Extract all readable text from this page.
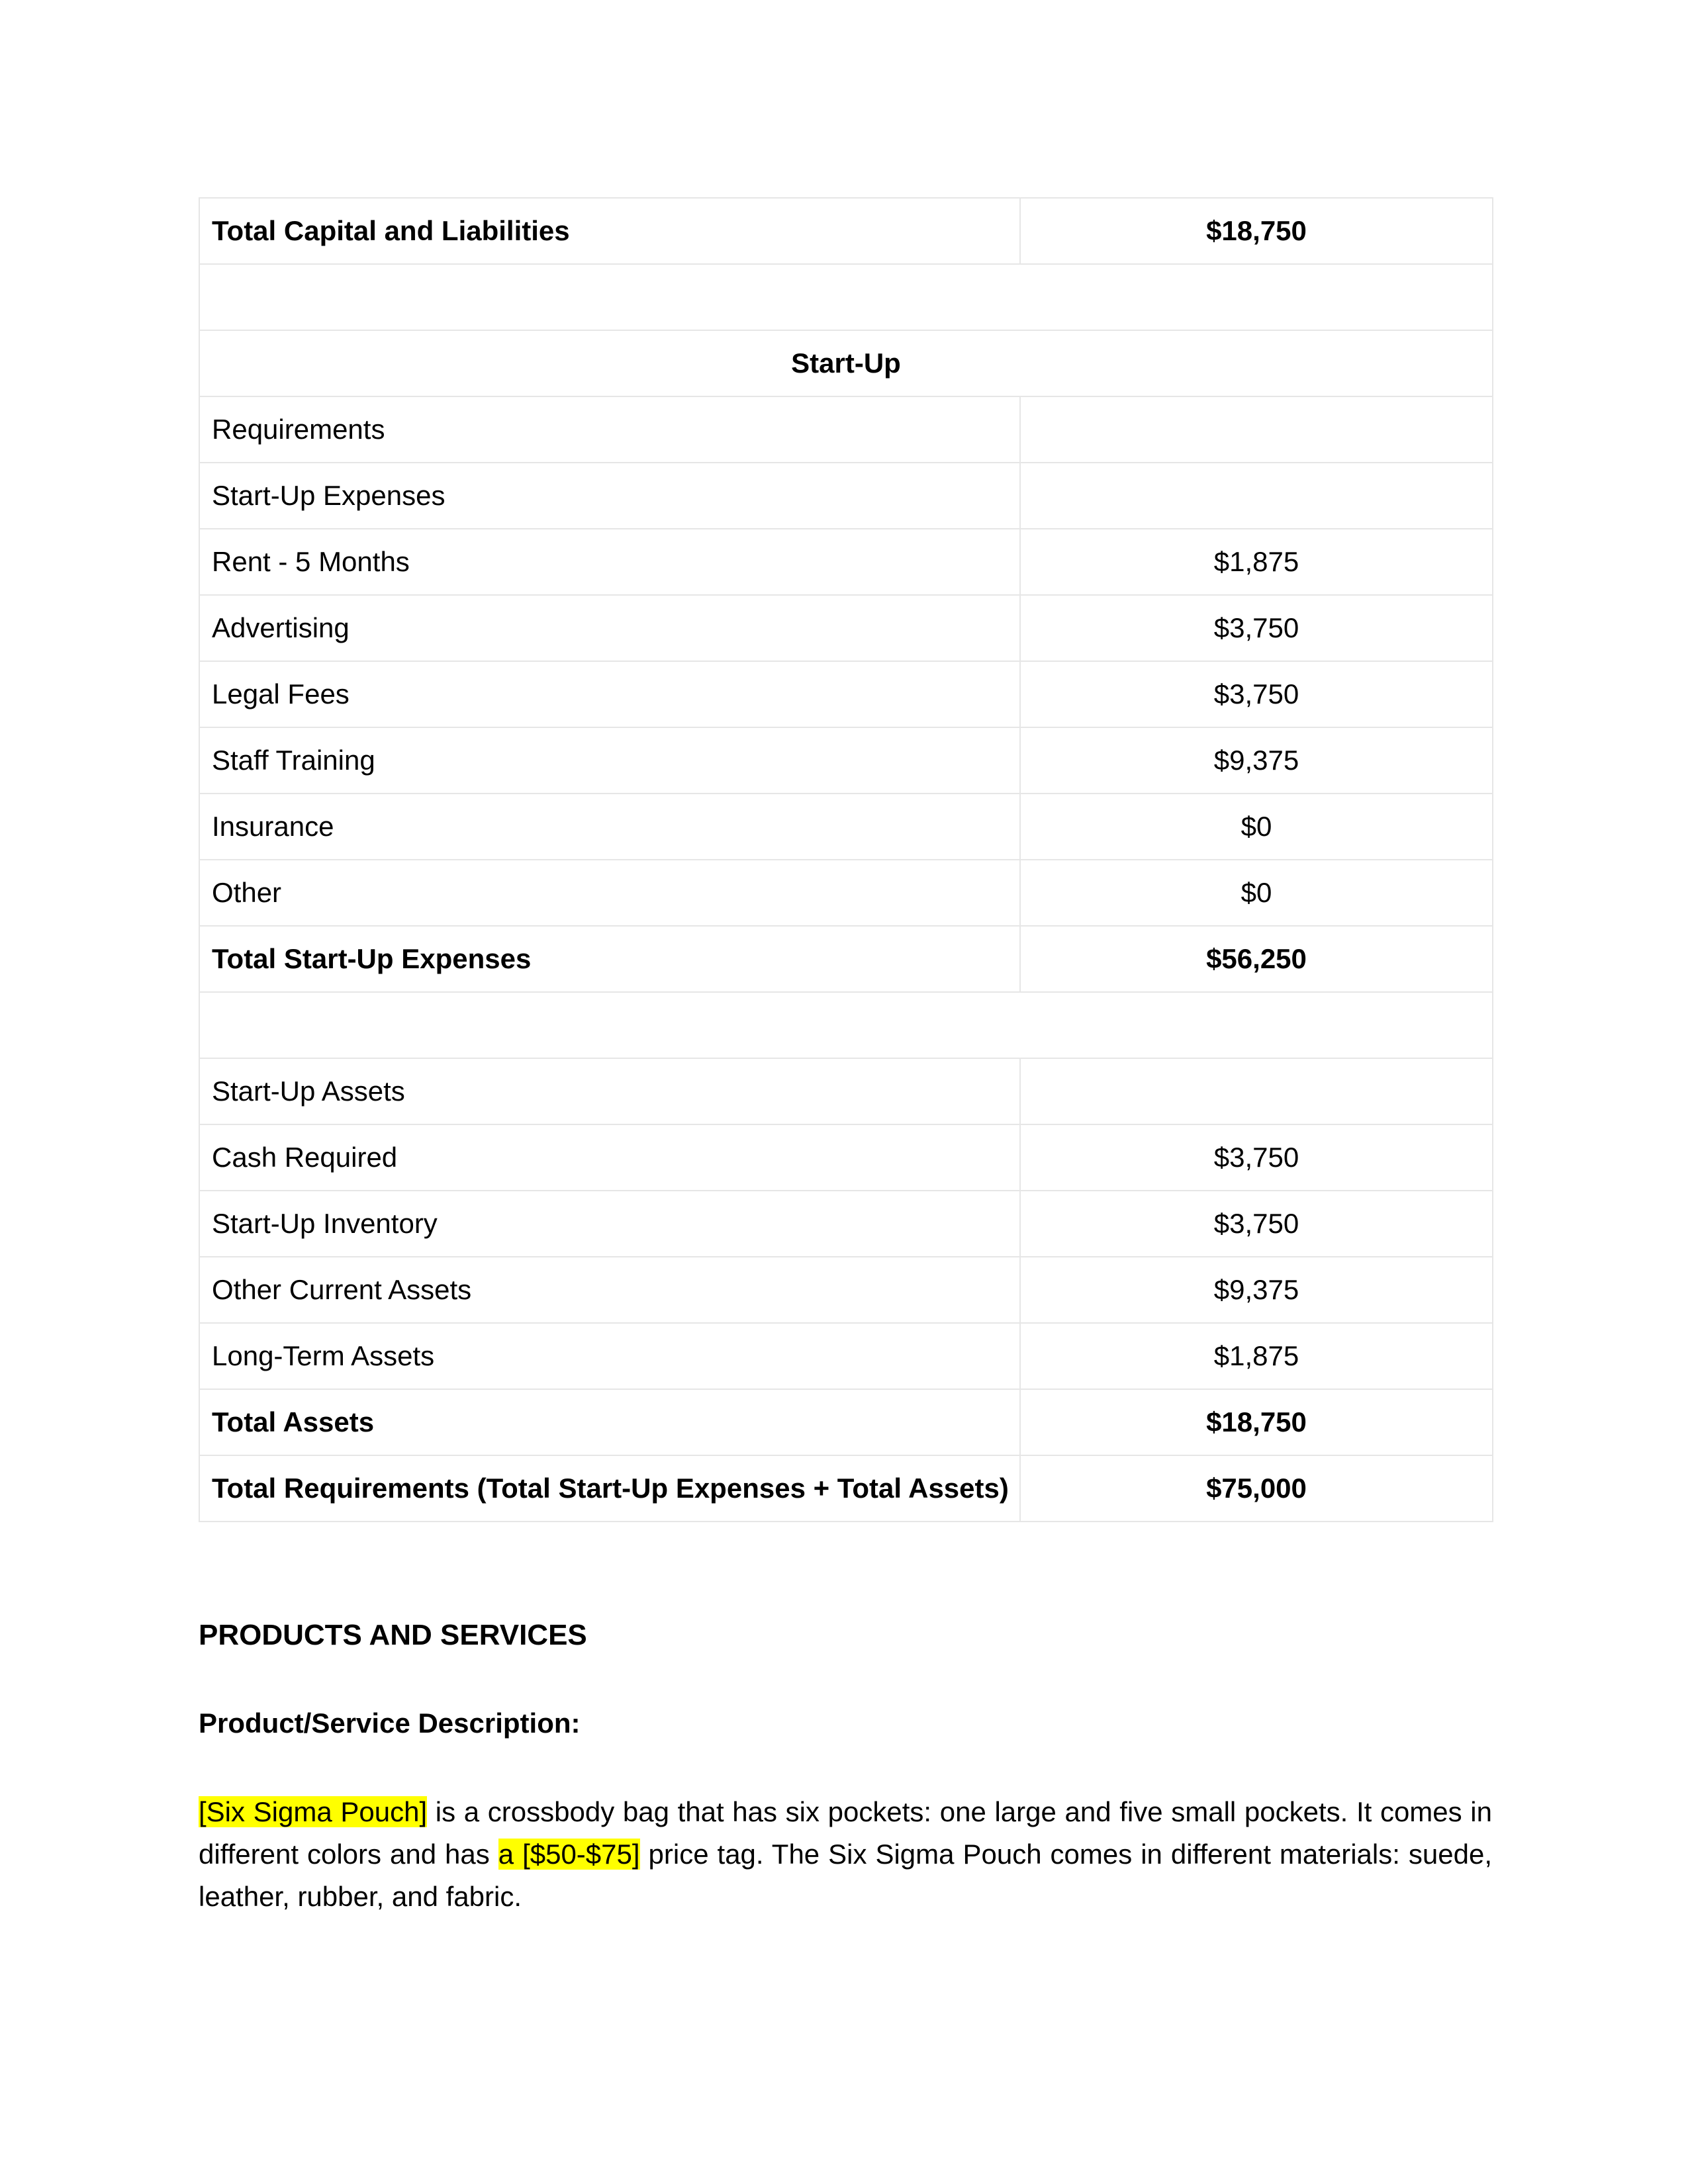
Total Capital and Liabilities	$18,750

Start-Up	
Requirements	
Start-Up Expenses	
Rent - 5 Months	$1,875
Advertising	$3,750
Legal Fees	$3,750
Staff Training	$9,375
Insurance	$0
Other	$0
Total Start-Up Expenses	$56,250

Start-Up Assets	
Cash Required	$3,750
Start-Up Inventory	$3,750
Other Current Assets	$9,375
Long-Term Assets	$1,875
Total Assets	$18,750
Total Requirements (Total Start-Up Expenses + Total Assets)	$75,000
PRODUCTS AND SERVICES
Product/Service Description:

[Six Sigma Pouch] is a crossbody bag that has six pockets: one large and five small pockets. It comes in different colors and has a [$50-$75] price tag. The Six Sigma Pouch comes in different materials: suede, leather, rubber, and fabric.
